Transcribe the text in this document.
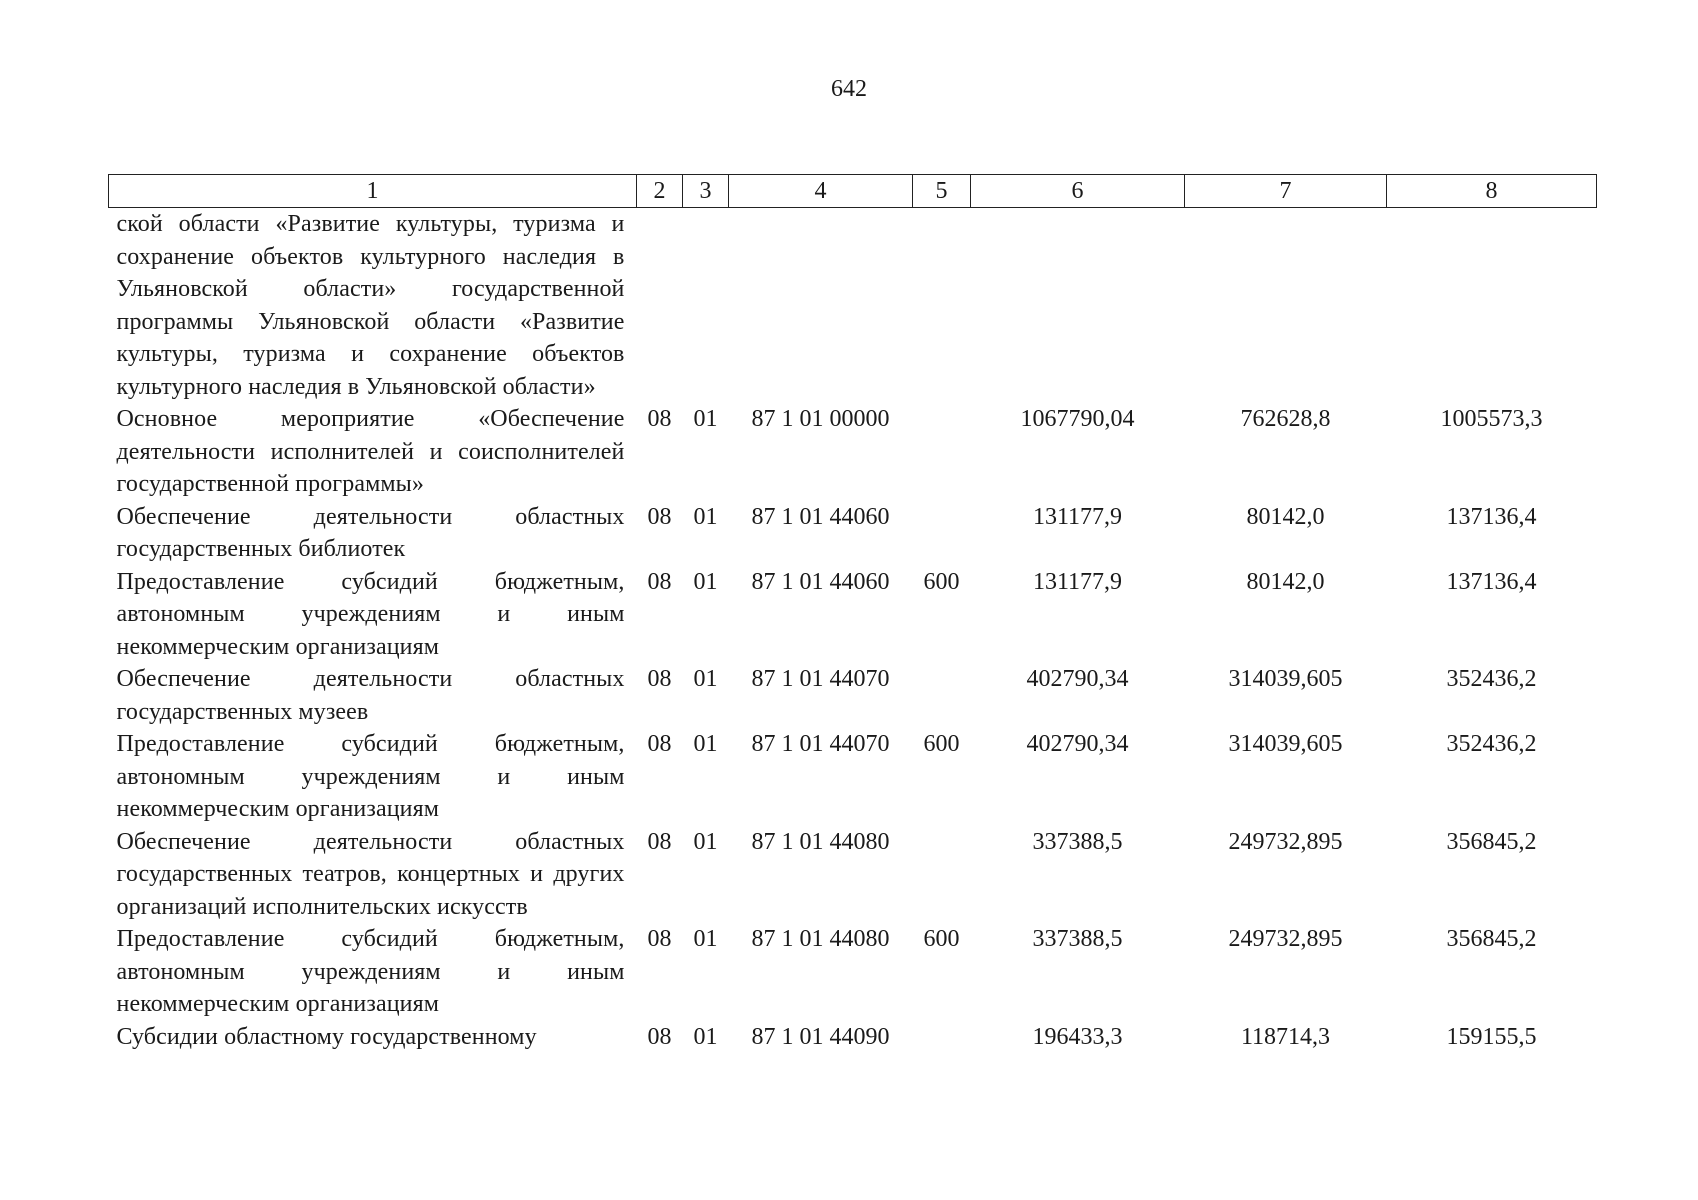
642
1	2	3	4	5	6	7	8
ской области «Развитие культуры, туризма и сохранение объектов культурного наследия в Ульяновской области» государственной программы Ульяновской области «Развитие культуры, туризма и сохранение объектов культурного наследия в Ульяновской области»							
Основное мероприятие «Обеспечение деятельности исполнителей и соисполнителей государственной программы»	08	01	87 1 01 00000		1067790,04	762628,8	1005573,3
Обеспечение деятельности областных государственных библиотек	08	01	87 1 01 44060		131177,9	80142,0	137136,4
Предоставление субсидий бюджетным, автономным учреждениям и иным некоммерческим организациям	08	01	87 1 01 44060	600	131177,9	80142,0	137136,4
Обеспечение деятельности областных государственных музеев	08	01	87 1 01 44070		402790,34	314039,605	352436,2
Предоставление субсидий бюджетным, автономным учреждениям и иным некоммерческим организациям	08	01	87 1 01 44070	600	402790,34	314039,605	352436,2
Обеспечение деятельности областных государственных театров, концертных и других организаций исполнительских искусств	08	01	87 1 01 44080		337388,5	249732,895	356845,2
Предоставление субсидий бюджетным, автономным учреждениям и иным некоммерческим организациям	08	01	87 1 01 44080	600	337388,5	249732,895	356845,2
Субсидии областному государственному	08	01	87 1 01 44090		196433,3	118714,3	159155,5
